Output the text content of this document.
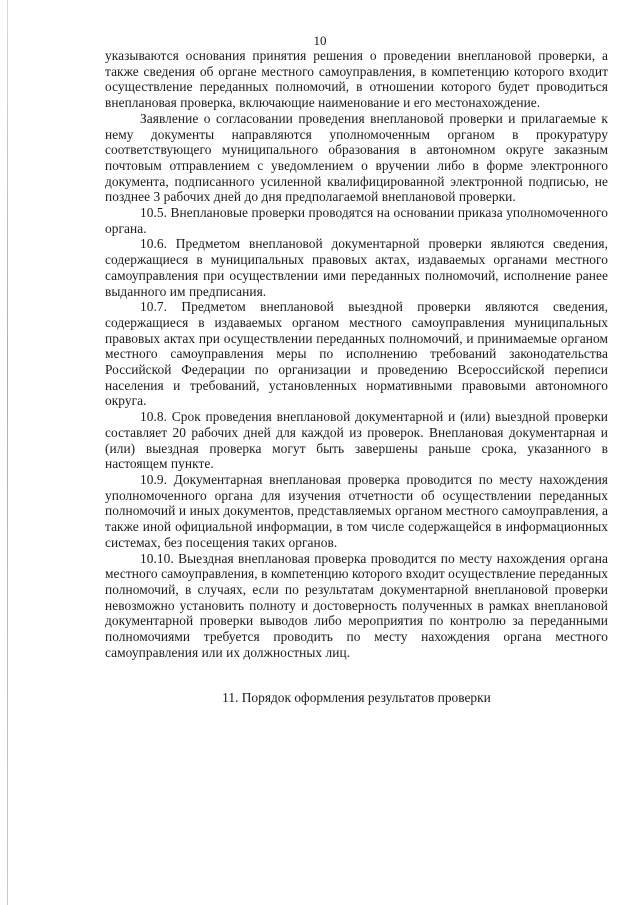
10

указываются основания принятия решения о проведении внеплановой проверки, а также сведения об органе местного самоуправления, в компетенцию которого входит осуществление переданных полномочий, в отношении которого будет проводиться внеплановая проверка, включающие наименование и его местонахождение.

Заявление о согласовании проведения внеплановой проверки и прилагаемые к нему документы направляются уполномоченным органом в прокуратуру соответствующего муниципального образования в автономном округе заказным почтовым отправлением с уведомлением о вручении либо в форме электронного документа, подписанного усиленной квалифицированной электронной подписью, не позднее 3 рабочих дней до дня предполагаемой внеплановой проверки.

10.5. Внеплановые проверки проводятся на основании приказа уполномоченного органа.

10.6. Предметом внеплановой документарной проверки являются сведения, содержащиеся в муниципальных правовых актах, издаваемых органами местного самоуправления при осуществлении ими переданных полномочий, исполнение ранее выданного им предписания.

10.7. Предметом внеплановой выездной проверки являются сведения, содержащиеся в издаваемых органом местного самоуправления муниципальных правовых актах при осуществлении переданных полномочий, и принимаемые органом местного самоуправления меры по исполнению требований законодательства Российской Федерации по организации и проведению Всероссийской переписи населения и требований, установленных нормативными правовыми автономного округа.

10.8. Срок проведения внеплановой документарной и (или) выездной проверки составляет 20 рабочих дней для каждой из проверок. Внеплановая документарная и (или) выездная проверка могут быть завершены раньше срока, указанного в настоящем пункте.

10.9. Документарная внеплановая проверка проводится по месту нахождения уполномоченного органа для изучения отчетности об осуществлении переданных полномочий и иных документов, представляемых органом местного самоуправления, а также иной официальной информации, в том числе содержащейся в информационных системах, без посещения таких органов.

10.10. Выездная внеплановая проверка проводится по месту нахождения органа местного самоуправления, в компетенцию которого входит осуществление переданных полномочий, в случаях, если по результатам документарной внеплановой проверки невозможно установить полноту и достоверность полученных в рамках внеплановой документарной проверки выводов либо мероприятия по контролю за переданными полномочиями требуется проводить по месту нахождения органа местного самоуправления или их должностных лиц.

11. Порядок оформления результатов проверки
